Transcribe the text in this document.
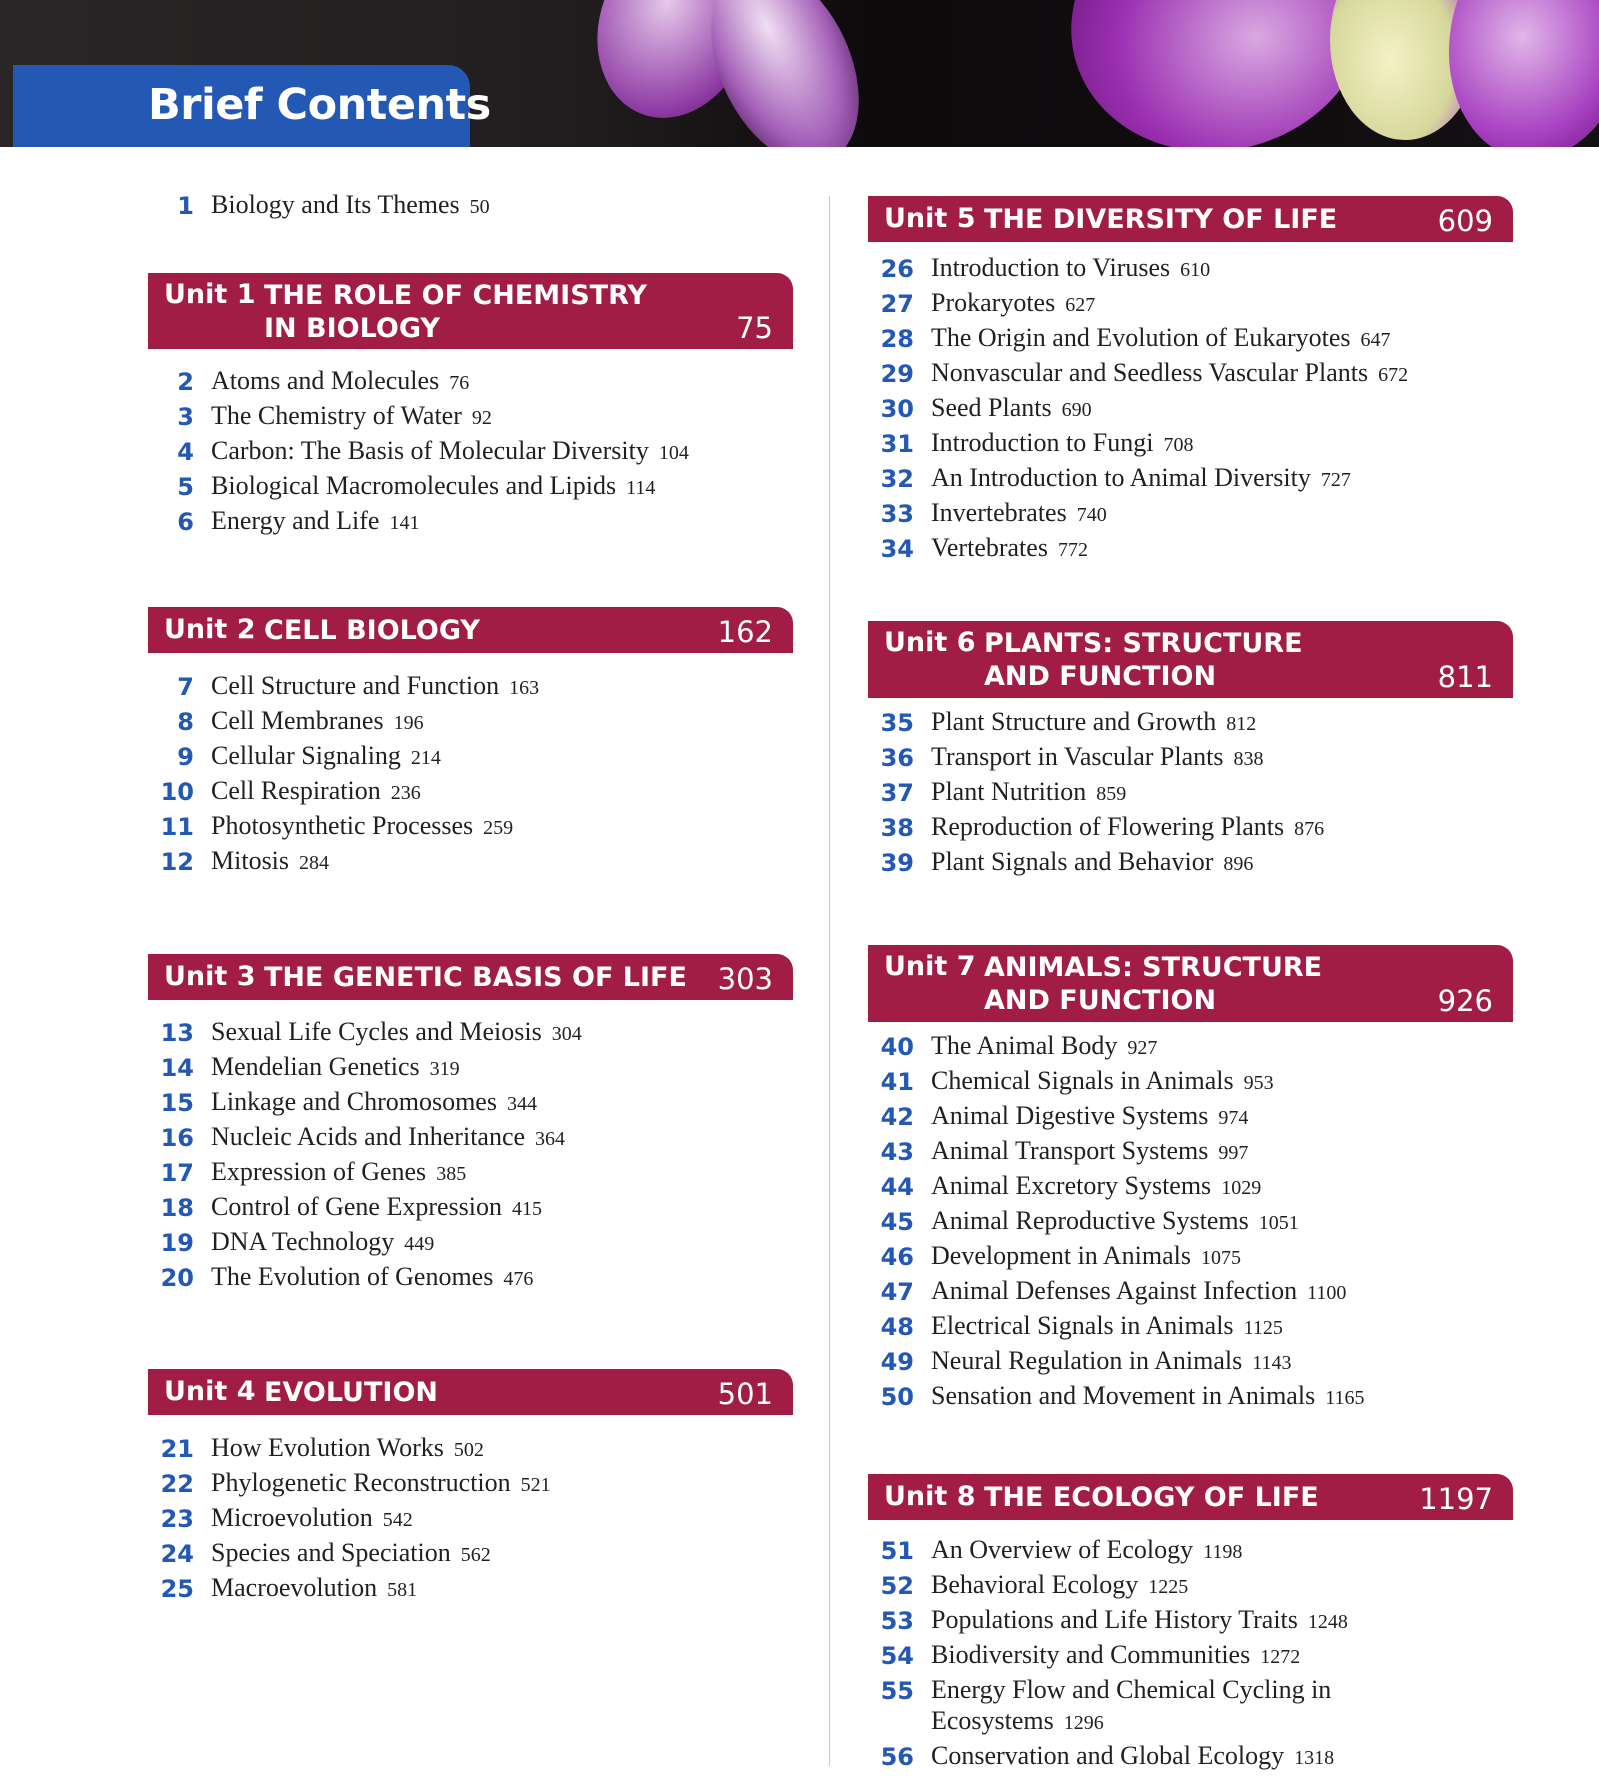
Brief Contents
1 Biology and Its Themes 50
Unit 1 THE ROLE OF CHEMISTRY
IN BIOLOGY	75
2 Atoms and Molecules 76
3 The Chemistry of Water 92
4 Carbon: The Basis of Molecular Diversity 104
5 Biological Macromolecules and Lipids 114
6 Energy and Life 141
Unit 2 CELL BIOLOGY	162
7 Cell Structure and Function 163
8 Cell Membranes 196
9 Cellular Signaling 214
10 Cell Respiration 236
11 Photosynthetic Processes 259
12 Mitosis 284
Unit 3 THE GENETIC BASIS OF LIFE 303
13 Sexual Life Cycles and Meiosis 304
14 Mendelian Genetics 319
15 Linkage and Chromosomes 344
16 Nucleic Acids and Inheritance 364
17 Expression of Genes 385
18 Control of Gene Expression 415
19 DNA Technology 449
20 The Evolution of Genomes 476
Unit 4 EVOLUTION	501
21 How Evolution Works 502
22 Phylogenetic Reconstruction 521
23 Microevolution 542
24 Species and Speciation 562
25 Macroevolution 581
Unit 5 THE DIVERSITY OF LIFE	609
26 Introduction to Viruses 610
27 Prokaryotes 627
28 The Origin and Evolution of Eukaryotes 647
29 Nonvascular and Seedless Vascular Plants 672
30 Seed Plants 690
31 Introduction to Fungi 708
32 An Introduction to Animal Diversity 727
33 Invertebrates 740
34 Vertebrates 772
Unit 6 PLANTS: STRUCTURE
AND FUNCTION	811
35 Plant Structure and Growth 812
36 Transport in Vascular Plants 838
37 Plant Nutrition 859
38 Reproduction of Flowering Plants 876
39 Plant Signals and Behavior 896
Unit 7 ANIMALS: STRUCTURE
AND FUNCTION	926
40 The Animal Body 927
41 Chemical Signals in Animals 953
42 Animal Digestive Systems 974
43 Animal Transport Systems 997
44 Animal Excretory Systems 1029
45 Animal Reproductive Systems 1051
46 Development in Animals 1075
47 Animal Defenses Against Infection 1100
48 Electrical Signals in Animals 1125
49 Neural Regulation in Animals 1143
50 Sensation and Movement in Animals 1165
Unit 8 THE ECOLOGY OF LIFE	1197
51 An Overview of Ecology 1198
52 Behavioral Ecology 1225
53 Populations and Life History Traits 1248
54 Biodiversity and Communities 1272
55 Energy Flow and Chemical Cycling in
Ecosystems 1296
56 Conservation and Global Ecology 1318
